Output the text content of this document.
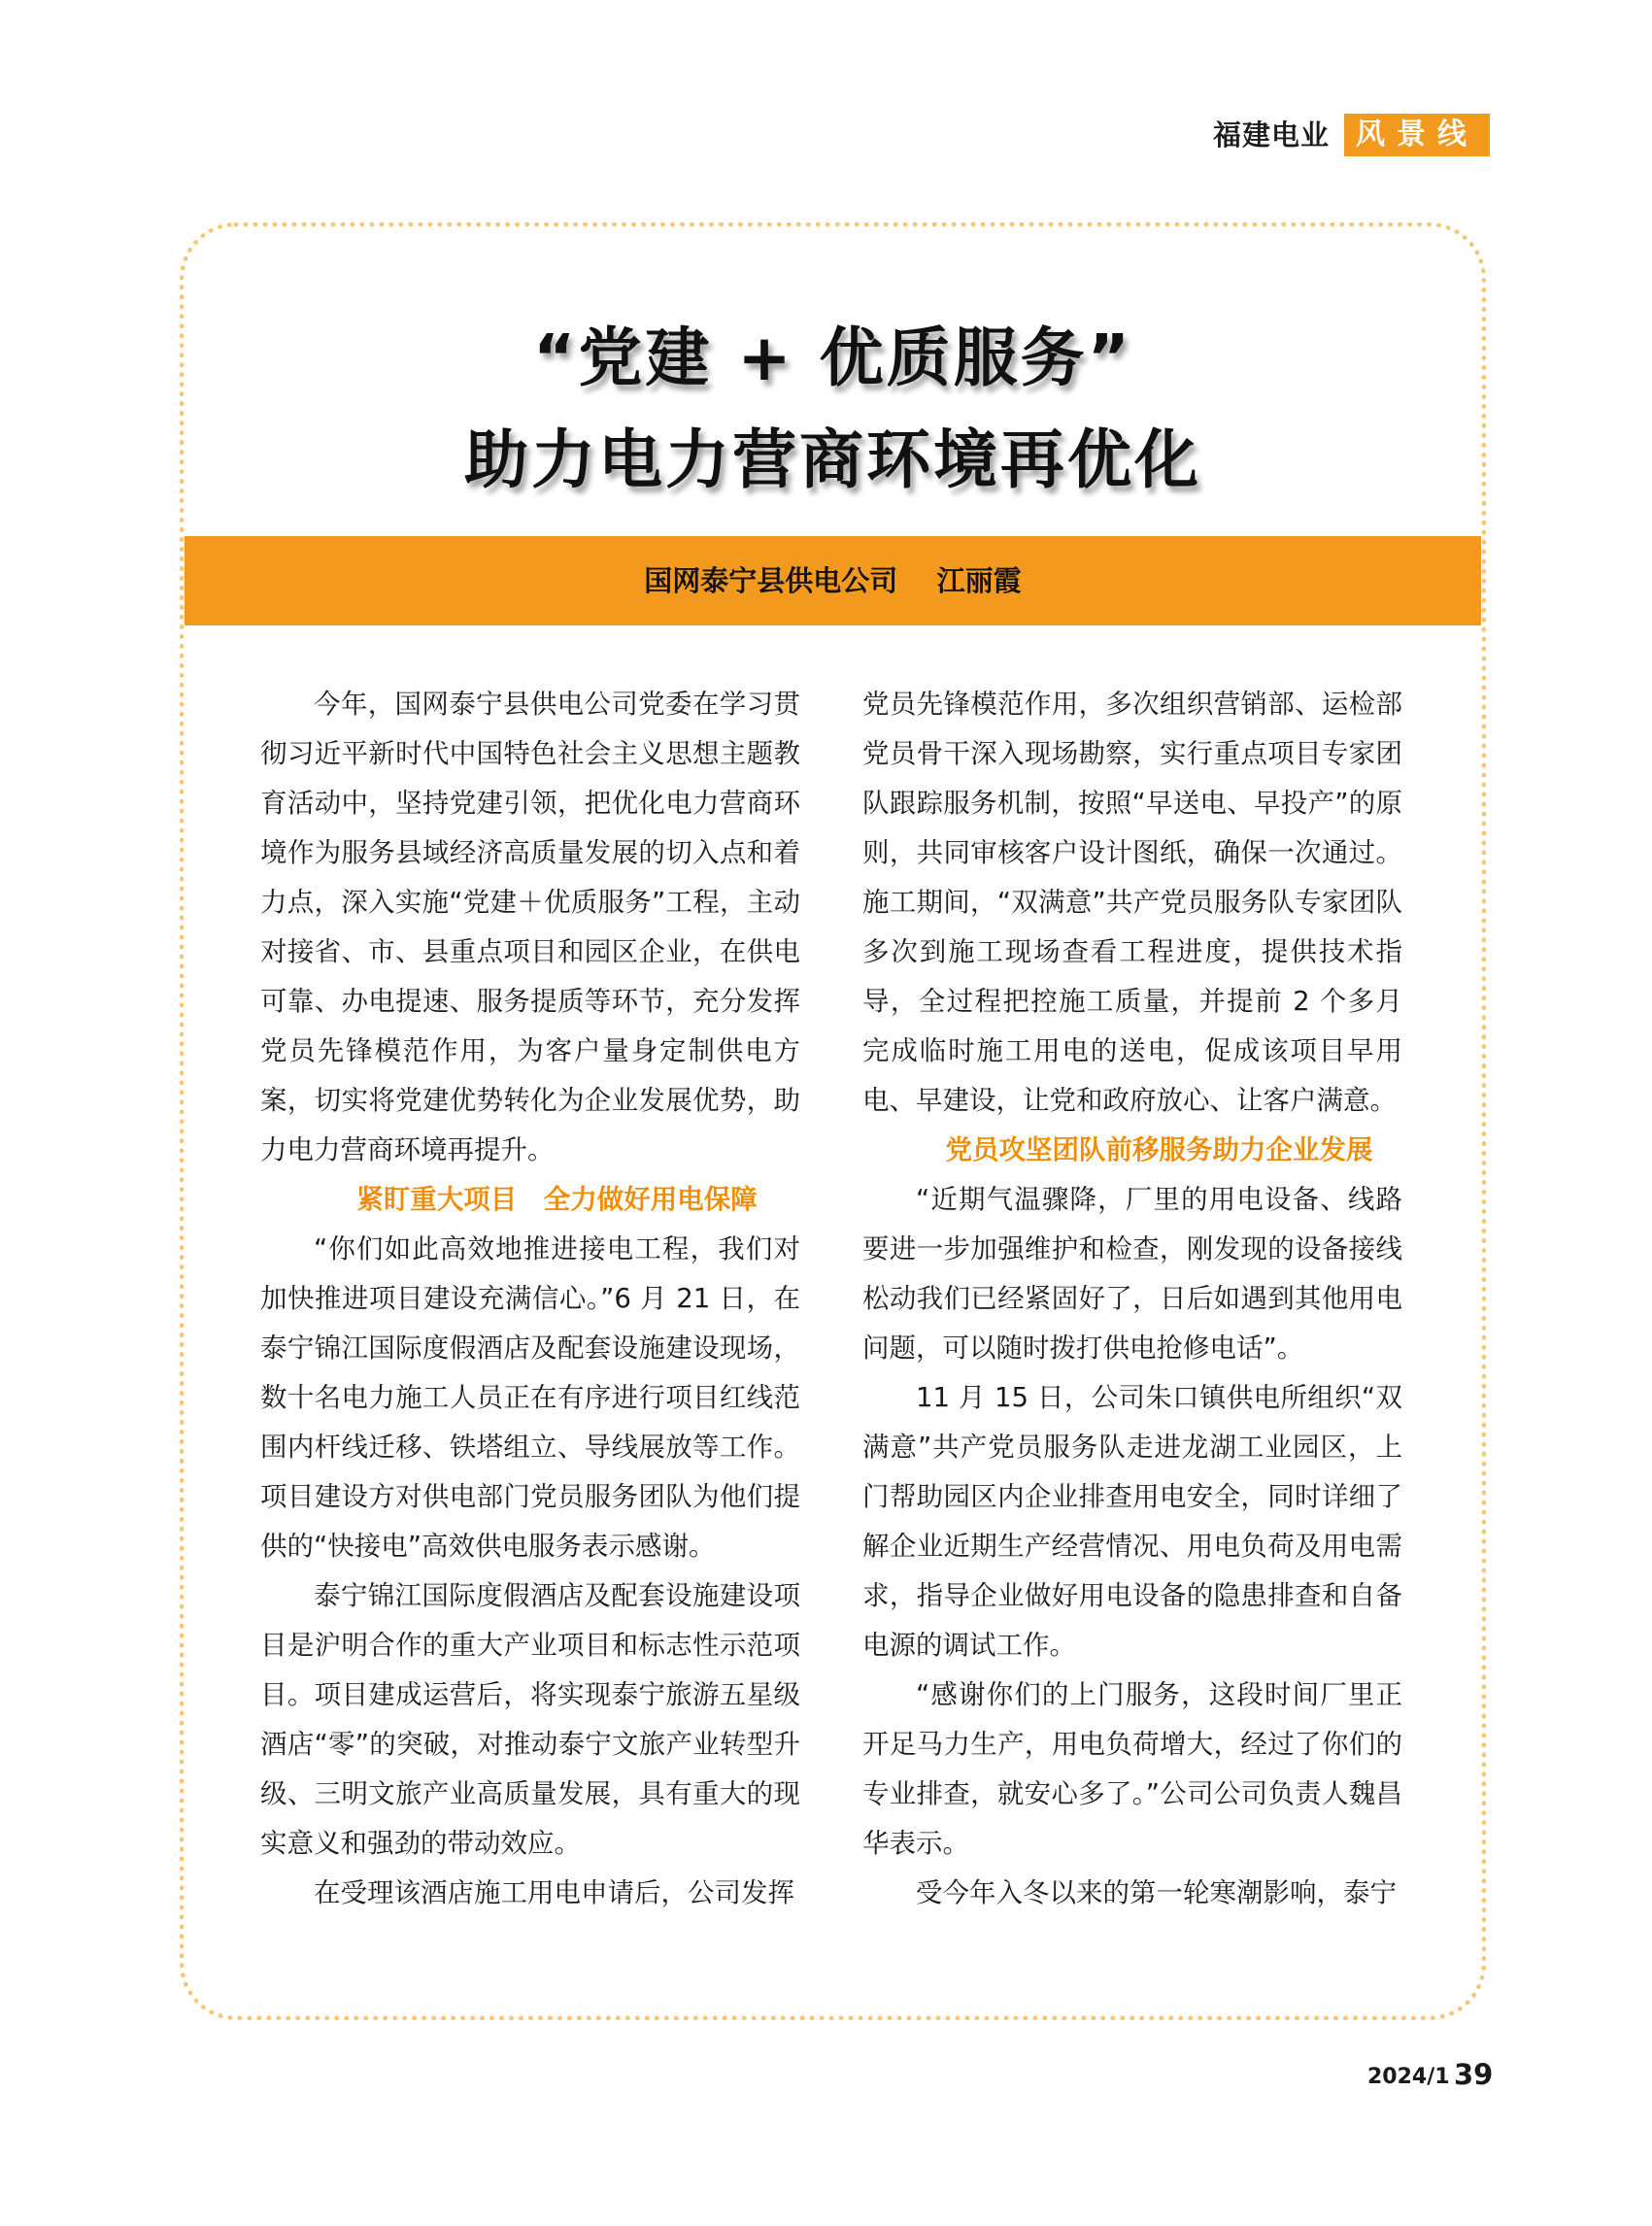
福建电业 风景线
“党建 + 优质服务”
助力电力营商环境再优化
国网泰宁县供电公司    江丽霞

今年，国网泰宁县供电公司党委在学习贯彻习近平新时代中国特色社会主义思想主题教育活动中，坚持党建引领，把优化电力营商环境作为服务县域经济高质量发展的切入点和着力点，深入实施“党建＋优质服务”工程，主动对接省、市、县重点项目和园区企业，在供电可靠、办电提速、服务提质等环节，充分发挥党员先锋模范作用，为客户量身定制供电方案，切实将党建优势转化为企业发展优势，助力电力营商环境再提升。

紧盯重大项目　全力做好用电保障

“你们如此高效地推进接电工程，我们对加快推进项目建设充满信心。”6 月 21 日，在泰宁锦江国际度假酒店及配套设施建设现场，数十名电力施工人员正在有序进行项目红线范围内杆线迁移、铁塔组立、导线展放等工作。项目建设方对供电部门党员服务团队为他们提供的“快接电”高效供电服务表示感谢。

泰宁锦江国际度假酒店及配套设施建设项目是沪明合作的重大产业项目和标志性示范项目。项目建成运营后，将实现泰宁旅游五星级酒店“零”的突破，对推动泰宁文旅产业转型升级、三明文旅产业高质量发展，具有重大的现实意义和强劲的带动效应。

在受理该酒店施工用电申请后，公司发挥

党员先锋模范作用，多次组织营销部、运检部党员骨干深入现场勘察，实行重点项目专家团队跟踪服务机制，按照“早送电、早投产”的原则，共同审核客户设计图纸，确保一次通过。施工期间，“双满意”共产党员服务队专家团队多次到施工现场查看工程进度，提供技术指导，全过程把控施工质量，并提前 2 个多月完成临时施工用电的送电，促成该项目早用电、早建设，让党和政府放心、让客户满意。

党员攻坚团队前移服务助力企业发展

“近期气温骤降，厂里的用电设备、线路要进一步加强维护和检查，刚发现的设备接线松动我们已经紧固好了，日后如遇到其他用电问题，可以随时拨打供电抢修电话”。

11 月 15 日，公司朱口镇供电所组织“双满意”共产党员服务队走进龙湖工业园区，上门帮助园区内企业排查用电安全，同时详细了解企业近期生产经营情况、用电负荷及用电需求，指导企业做好用电设备的隐患排查和自备电源的调试工作。

“感谢你们的上门服务，这段时间厂里正开足马力生产，用电负荷增大，经过了你们的专业排查，就安心多了。”公司公司负责人魏昌华表示。

受今年入冬以来的第一轮寒潮影响，泰宁

2024/1 39
